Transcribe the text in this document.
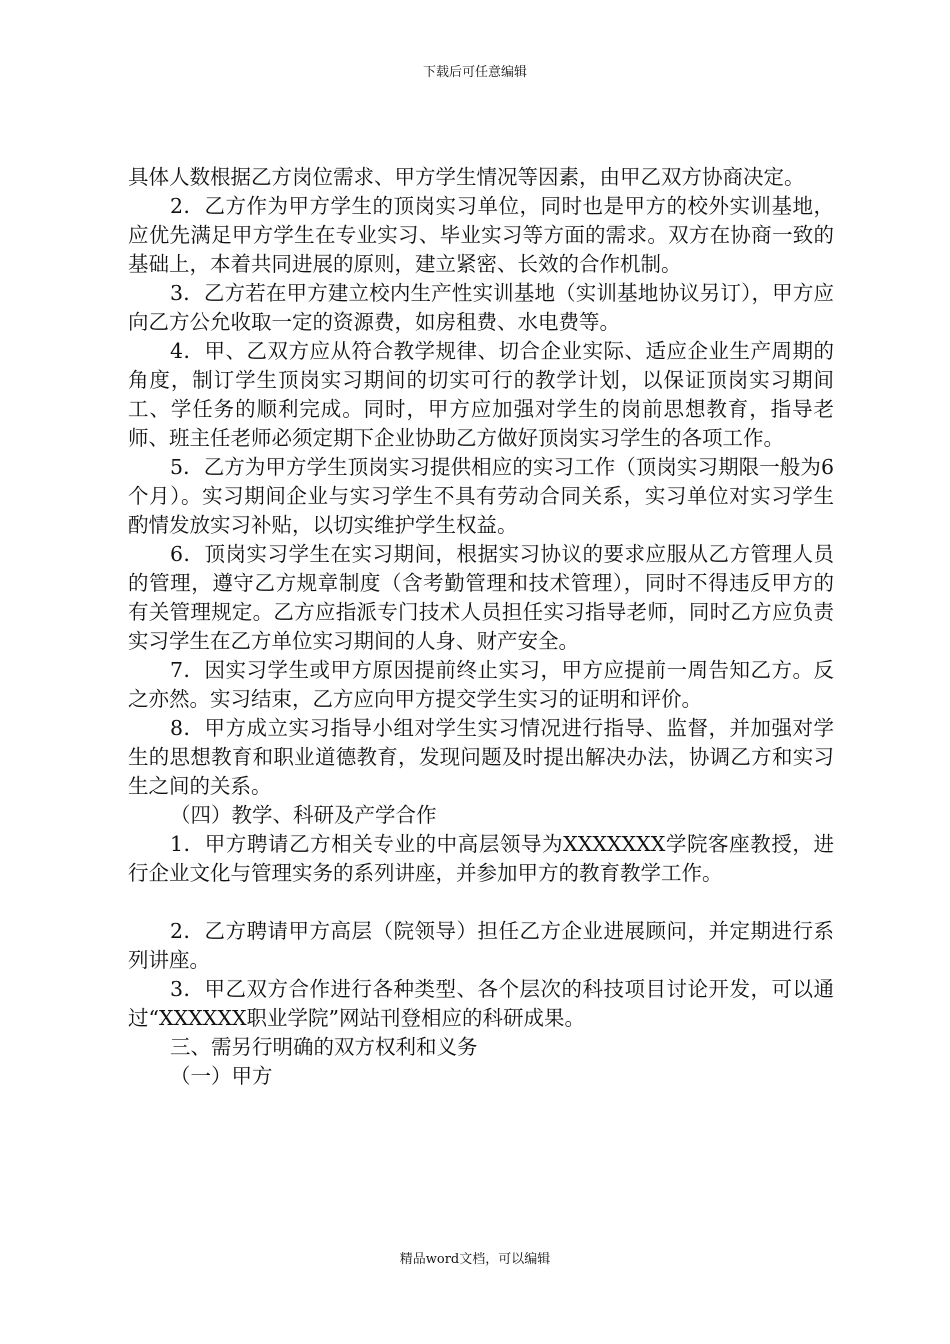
下载后可任意编辑

具体人数根据乙方岗位需求、甲方学生情况等因素，由甲乙双方协商决定。

2．乙方作为甲方学生的顶岗实习单位，同时也是甲方的校外实训基地，应优先满足甲方学生在专业实习、毕业实习等方面的需求。双方在协商一致的基础上，本着共同进展的原则，建立紧密、长效的合作机制。

3．乙方若在甲方建立校内生产性实训基地（实训基地协议另订），甲方应向乙方公允收取一定的资源费，如房租费、水电费等。

4．甲、乙双方应从符合教学规律、切合企业实际、适应企业生产周期的角度，制订学生顶岗实习期间的切实可行的教学计划，以保证顶岗实习期间工、学任务的顺利完成。同时，甲方应加强对学生的岗前思想教育，指导老师、班主任老师必须定期下企业协助乙方做好顶岗实习学生的各项工作。

5．乙方为甲方学生顶岗实习提供相应的实习工作（顶岗实习期限一般为6个月）。实习期间企业与实习学生不具有劳动合同关系，实习单位对实习学生酌情发放实习补贴，以切实维护学生权益。

6．顶岗实习学生在实习期间，根据实习协议的要求应服从乙方管理人员的管理，遵守乙方规章制度（含考勤管理和技术管理），同时不得违反甲方的有关管理规定。乙方应指派专门技术人员担任实习指导老师，同时乙方应负责实习学生在乙方单位实习期间的人身、财产安全。

7．因实习学生或甲方原因提前终止实习，甲方应提前一周告知乙方。反之亦然。实习结束，乙方应向甲方提交学生实习的证明和评价。

8．甲方成立实习指导小组对学生实习情况进行指导、监督，并加强对学生的思想教育和职业道德教育，发现问题及时提出解决办法，协调乙方和实习生之间的关系。

（四）教学、科研及产学合作

1．甲方聘请乙方相关专业的中高层领导为XXXXXXX学院客座教授，进行企业文化与管理实务的系列讲座，并参加甲方的教育教学工作。

2．乙方聘请甲方高层（院领导）担任乙方企业进展顾问，并定期进行系列讲座。

3．甲乙双方合作进行各种类型、各个层次的科技项目讨论开发，可以通过“XXXXXX职业学院”网站刊登相应的科研成果。

三、需另行明确的双方权利和义务

（一）甲方

精品word文档，可以编辑
